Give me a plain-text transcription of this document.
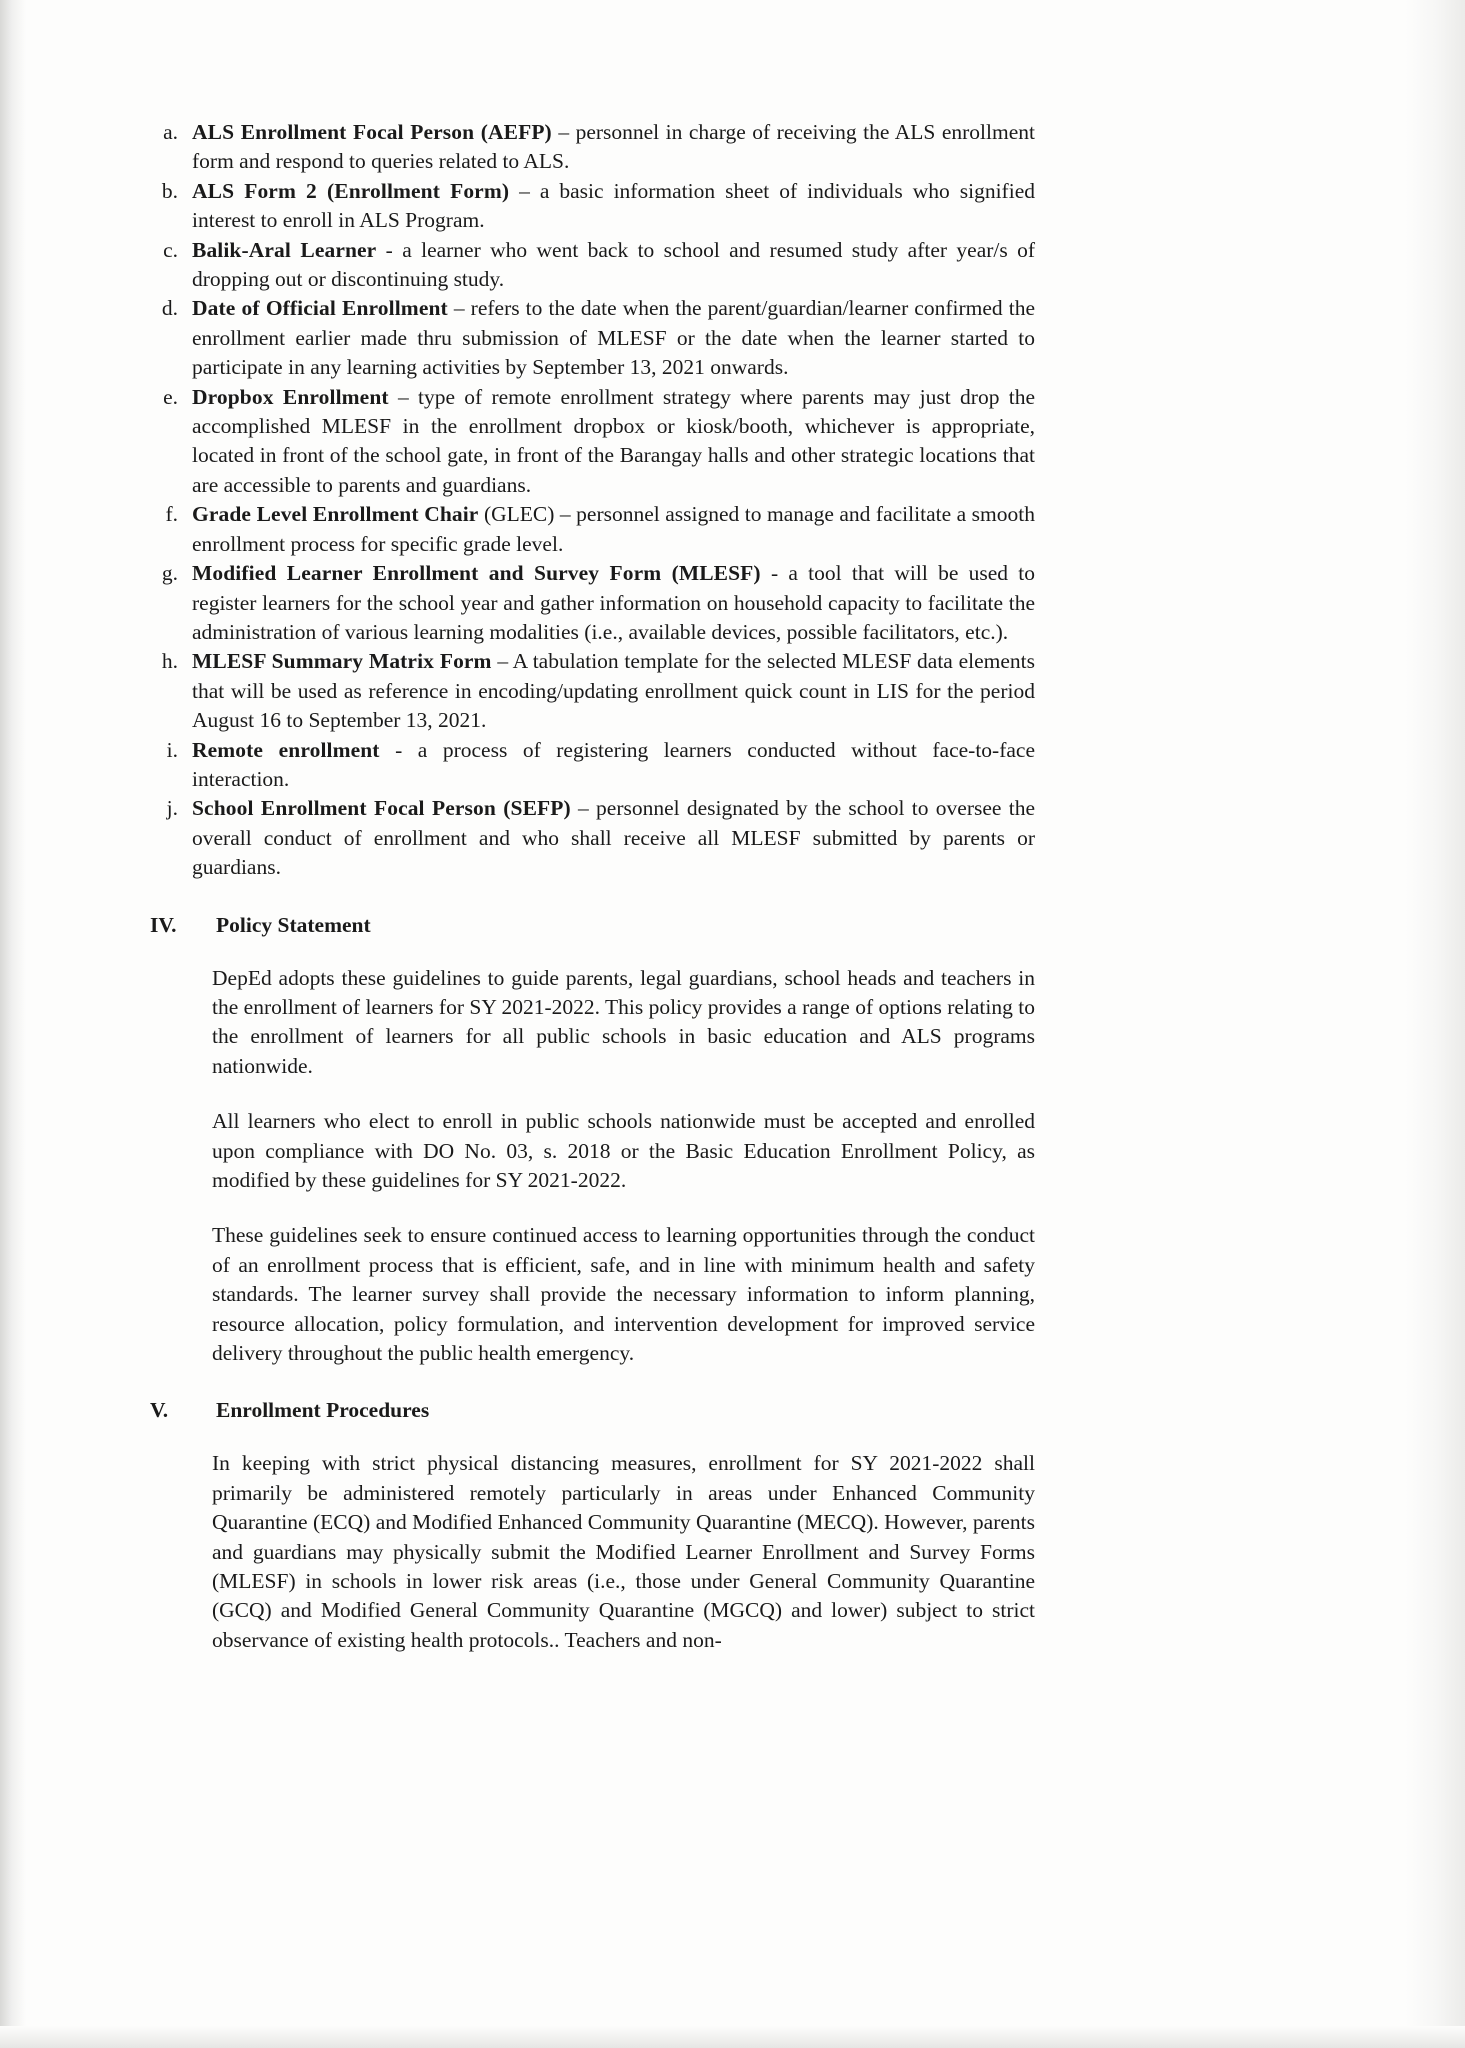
a. ALS Enrollment Focal Person (AEFP) – personnel in charge of receiving the ALS enrollment form and respond to queries related to ALS.
b. ALS Form 2 (Enrollment Form) – a basic information sheet of individuals who signified interest to enroll in ALS Program.
c. Balik-Aral Learner - a learner who went back to school and resumed study after year/s of dropping out or discontinuing study.
d. Date of Official Enrollment – refers to the date when the parent/guardian/learner confirmed the enrollment earlier made thru submission of MLESF or the date when the learner started to participate in any learning activities by September 13, 2021 onwards.
e. Dropbox Enrollment – type of remote enrollment strategy where parents may just drop the accomplished MLESF in the enrollment dropbox or kiosk/booth, whichever is appropriate, located in front of the school gate, in front of the Barangay halls and other strategic locations that are accessible to parents and guardians.
f. Grade Level Enrollment Chair (GLEC) – personnel assigned to manage and facilitate a smooth enrollment process for specific grade level.
g. Modified Learner Enrollment and Survey Form (MLESF) - a tool that will be used to register learners for the school year and gather information on household capacity to facilitate the administration of various learning modalities (i.e., available devices, possible facilitators, etc.).
h. MLESF Summary Matrix Form – A tabulation template for the selected MLESF data elements that will be used as reference in encoding/updating enrollment quick count in LIS for the period August 16 to September 13, 2021.
i. Remote enrollment - a process of registering learners conducted without face-to-face interaction.
j. School Enrollment Focal Person (SEFP) – personnel designated by the school to oversee the overall conduct of enrollment and who shall receive all MLESF submitted by parents or guardians.
IV.	Policy Statement

DepEd adopts these guidelines to guide parents, legal guardians, school heads and teachers in the enrollment of learners for SY 2021-2022. This policy provides a range of options relating to the enrollment of learners for all public schools in basic education and ALS programs nationwide.

All learners who elect to enroll in public schools nationwide must be accepted and enrolled upon compliance with DO No. 03, s. 2018 or the Basic Education Enrollment Policy, as modified by these guidelines for SY 2021-2022.

These guidelines seek to ensure continued access to learning opportunities through the conduct of an enrollment process that is efficient, safe, and in line with minimum health and safety standards. The learner survey shall provide the necessary information to inform planning, resource allocation, policy formulation, and intervention development for improved service delivery throughout the public health emergency.

V.	Enrollment Procedures

In keeping with strict physical distancing measures, enrollment for SY 2021-2022 shall primarily be administered remotely particularly in areas under Enhanced Community Quarantine (ECQ) and Modified Enhanced Community Quarantine (MECQ). However, parents and guardians may physically submit the Modified Learner Enrollment and Survey Forms (MLESF) in schools in lower risk areas (i.e., those under General Community Quarantine (GCQ) and Modified General Community Quarantine (MGCQ) and lower) subject to strict observance of existing health protocols.. Teachers and non-
